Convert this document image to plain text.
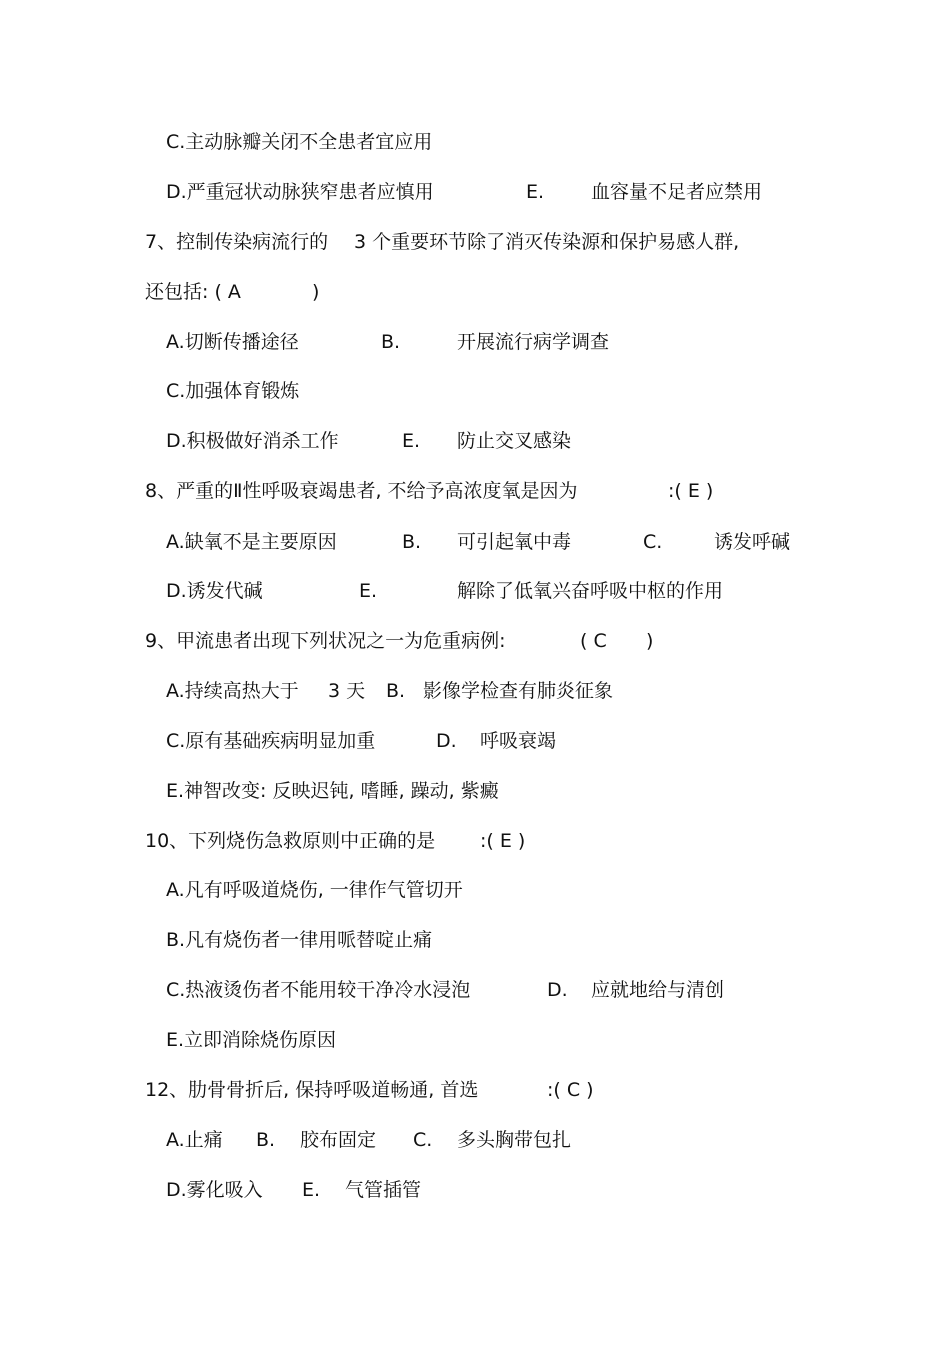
C.主动脉瓣关闭不全患者宜应用
D.严重冠状动脉狭窄患者应慎用	E. 血容量不足者应禁用
7、控制传染病流行的 3 个重要环节除了消灭传染源和保护易感人群,
还包括: ( A	)
A.切断传播途径	B.	开展流行病学调查
C.加强体育锻炼
D.积极做好消杀工作	E. 防止交叉感染
8、严重的Ⅱ性呼吸衰竭患者, 不给予高浓度氧是因为	:( E )
A.缺氧不是主要原因	B. 可引起氧中毒	C.	诱发呼碱
D.诱发代碱	E.	解除了低氧兴奋呼吸中枢的作用
9、甲流患者出现下列状况之一为危重病例:	( C )
A.持续高热大于 3 天 B. 影像学检查有肺炎征象
C.原有基础疾病明显加重	D. 呼吸衰竭
E.神智改变: 反映迟钝, 嗜睡, 躁动, 紫癜
10、下列烧伤急救原则中正确的是 :( E )
A.凡有呼吸道烧伤, 一律作气管切开
B.凡有烧伤者一律用哌替啶止痛
C.热液烫伤者不能用较干净冷水浸泡	D. 应就地给与清创
E.立即消除烧伤原因
12、肋骨骨折后, 保持呼吸道畅通, 首选	:( C )
A.止痛 B. 胶布固定 C. 多头胸带包扎
D.雾化吸入 E. 气管插管
